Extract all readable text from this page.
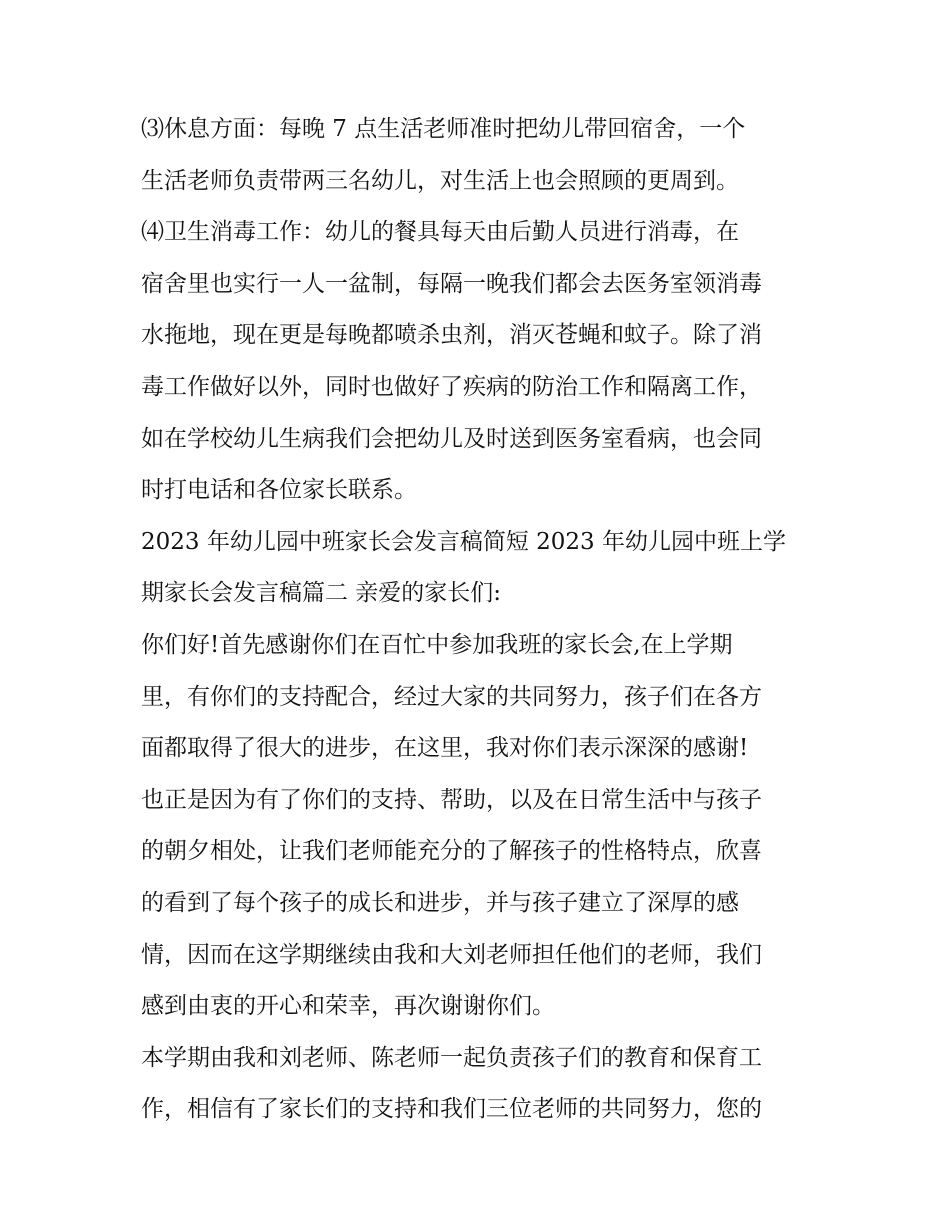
⑶休息方面：每晚 7 点生活老师准时把幼儿带回宿舍，一个
生活老师负责带两三名幼儿，对生活上也会照顾的更周到。
⑷卫生消毒工作：幼儿的餐具每天由后勤人员进行消毒，在
宿舍里也实行一人一盆制，每隔一晚我们都会去医务室领消毒
水拖地，现在更是每晚都喷杀虫剂，消灭苍蝇和蚊子。除了消
毒工作做好以外，同时也做好了疾病的防治工作和隔离工作，
如在学校幼儿生病我们会把幼儿及时送到医务室看病，也会同
时打电话和各位家长联系。
2023 年幼儿园中班家长会发言稿简短 2023 年幼儿园中班上学
期家长会发言稿篇二 亲爱的家长们:
你们好!首先感谢你们在百忙中参加我班的家长会,在上学期
里，有你们的支持配合，经过大家的共同努力，孩子们在各方
面都取得了很大的进步，在这里，我对你们表示深深的感谢!
也正是因为有了你们的支持、帮助，以及在日常生活中与孩子
的朝夕相处，让我们老师能充分的了解孩子的性格特点，欣喜
的看到了每个孩子的成长和进步，并与孩子建立了深厚的感
情，因而在这学期继续由我和大刘老师担任他们的老师，我们
感到由衷的开心和荣幸，再次谢谢你们。
本学期由我和刘老师、陈老师一起负责孩子们的教育和保育工
作，相信有了家长们的支持和我们三位老师的共同努力，您的
